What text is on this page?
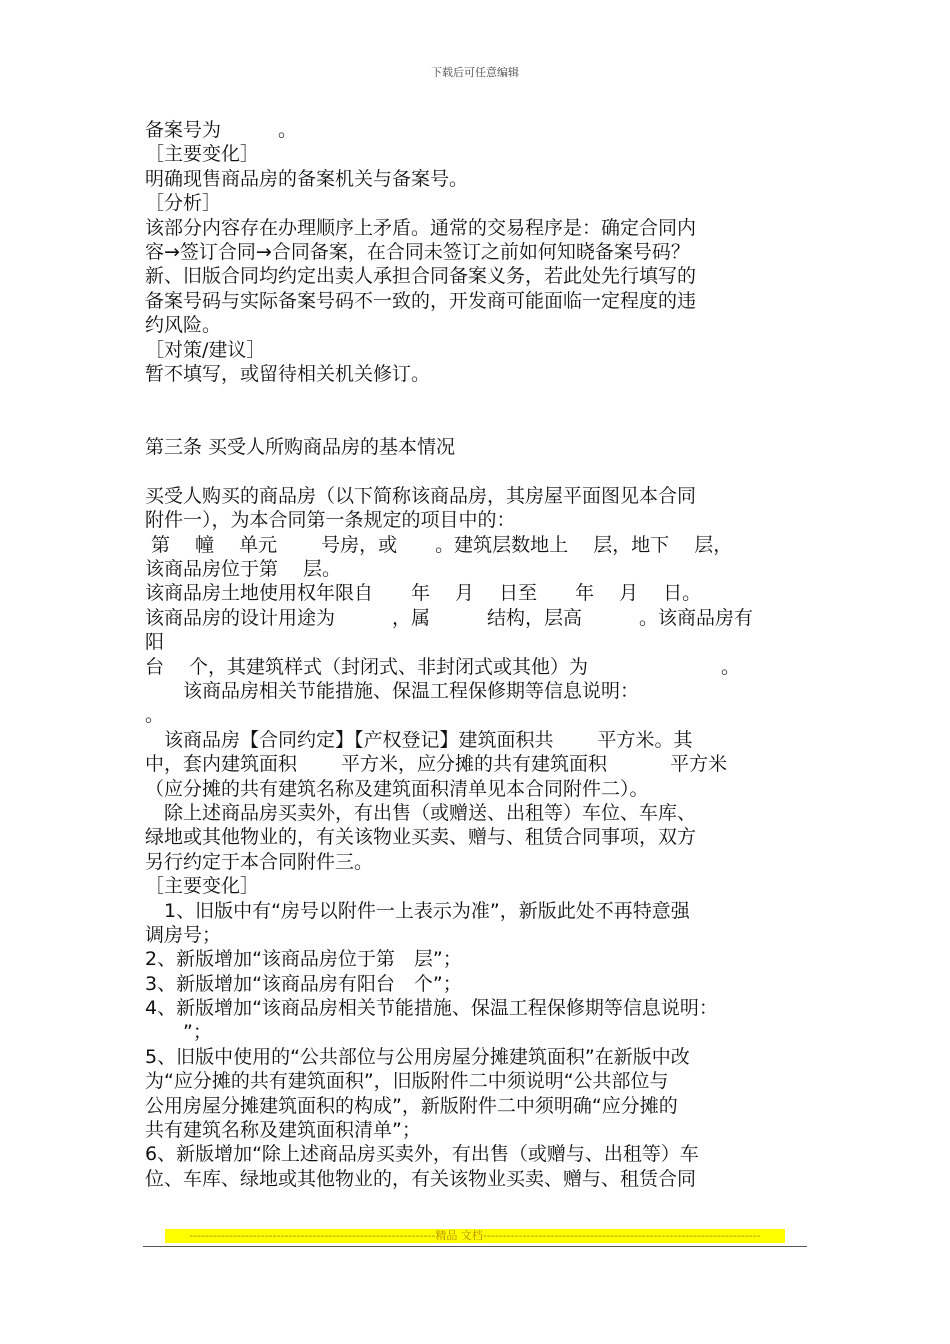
下载后可任意编辑
备案号为　　　。
［主要变化］
明确现售商品房的备案机关与备案号。
［分析］
该部分内容存在办理顺序上矛盾。通常的交易程序是：确定合同内
容→签订合同→合同备案，在合同未签订之前如何知晓备案号码？
新、旧版合同均约定出卖人承担合同备案义务，若此处先行填写的
备案号码与实际备案号码不一致的，开发商可能面临一定程度的违
约风险。
［对策/建议］
暂不填写，或留待相关机关修订。
第三条 买受人所购商品房的基本情况
买受人购买的商品房（以下简称该商品房，其房屋平面图见本合同
附件一），为本合同第一条规定的项目中的：
第　 幢　 单元　　 号房，或　　。建筑层数地上　 层，地下　 层，
该商品房位于第　 层。
该商品房土地使用权年限自　　年　 月　 日至　　年　 月　 日。
该商品房的设计用途为　　　，属　　　结构，层高　　　。该商品房有
阳
台　 个，其建筑样式（封闭式、非封闭式或其他）为　　　　　　　。
　　该商品房相关节能措施、保温工程保修期等信息说明：
。
　该商品房【合同约定】【产权登记】建筑面积共　　 平方米。其
中，套内建筑面积　　 平方米，应分摊的共有建筑面积　　　 平方米
（应分摊的共有建筑名称及建筑面积清单见本合同附件二）。
　除上述商品房买卖外，有出售（或赠送、出租等）车位、车库、
绿地或其他物业的，有关该物业买卖、赠与、租赁合同事项，双方
另行约定于本合同附件三。
［主要变化］
　1、旧版中有“房号以附件一上表示为准”，新版此处不再特意强
调房号；
2、新版增加“该商品房位于第　层”；
3、新版增加“该商品房有阳台　个”；
4、新版增加“该商品房相关节能措施、保温工程保修期等信息说明：
　　”；
5、旧版中使用的“公共部位与公用房屋分摊建筑面积”在新版中改
为“应分摊的共有建筑面积”，旧版附件二中须说明“公共部位与
公用房屋分摊建筑面积的构成”，新版附件二中须明确“应分摊的
共有建筑名称及建筑面积清单”；
6、新版增加“除上述商品房买卖外，有出售（或赠与、出租等）车
位、车库、绿地或其他物业的，有关该物业买卖、赠与、租赁合同
--------------------------------------------------------------精品 文档----------------------------------------------------------------------
